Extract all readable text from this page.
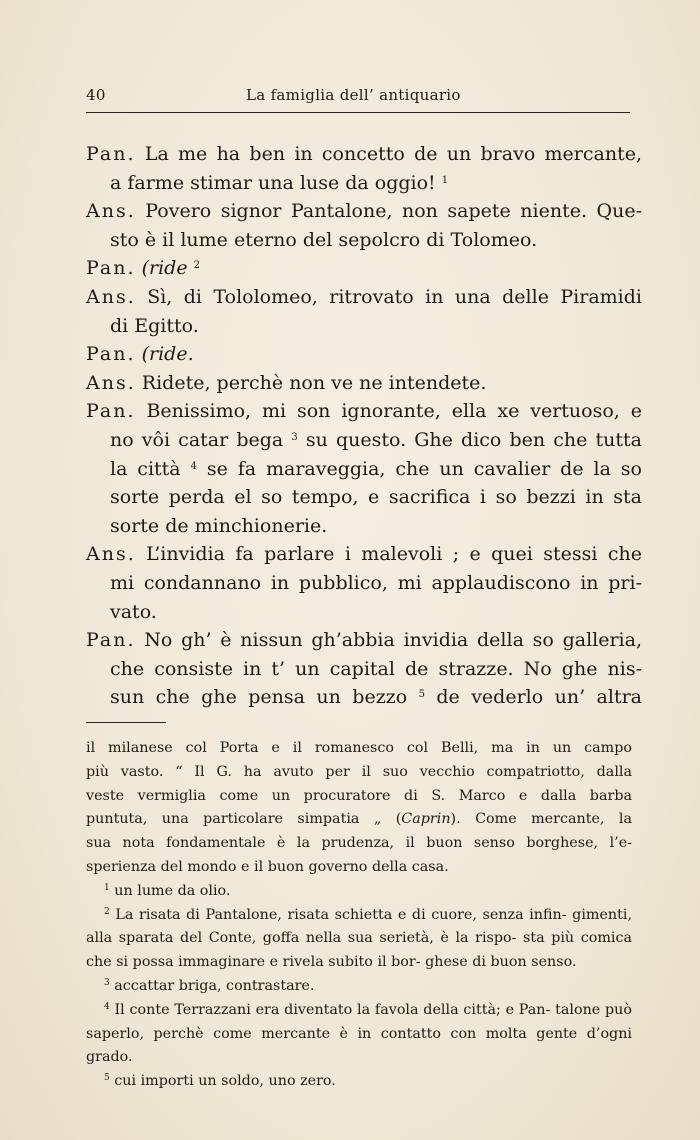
40	La famiglia dell’ antiquario

Pan. La me ha ben in concetto de un bravo mercante,

a farme stimar una luse da oggio! $^1$

Ans. Povero signor Pantalone, non sapete niente. Que-

sto è il lume eterno del sepolcro di Tolomeo.

Pan. (ride $^2$

Ans. Sì, di Tololomeo, ritrovato in una delle Piramidi

di Egitto.

Pan. (ride.

Ans. Ridete, perchè non ve ne intendete.

Pan. Benissimo, mi son ignorante, ella xe vertuoso, e

no vôi catar bega $^3$ su questo. Ghe dico ben che tutta

la città $^4$ se fa maraveggia, che un cavalier de la so

sorte perda el so tempo, e sacrifica i so bezzi in sta

sorte de minchionerie.

Ans. L’invidia fa parlare i malevoli ; e quei stessi che

mi condannano in pubblico, mi applaudiscono in pri-

vato.

Pan. No gh’ è nissun gh’abbia invidia della so galleria,

che consiste in t’ un capital de strazze. No ghe nis-

sun che ghe pensa un bezzo $^5$ de vederlo un’ altra

il milanese col Porta e il romanesco col Belli, ma in un campo

più vasto. “ Il G. ha avuto per il suo vecchio compatriotto, dalla

veste vermiglia come un procuratore di S. Marco e dalla barba

puntuta, una particolare simpatia „ (Caprin). Come mercante, la

sua nota fondamentale è la prudenza, il buon senso borghese, l’e-

sperienza del mondo e il buon governo della casa.

$^1$ un lume da olio.

$^2$ La risata di Pantalone, risata schietta e di cuore, senza infin- gimenti, alla sparata del Conte, goffa nella sua serietà, è la rispo- sta più comica che si possa immaginare e rivela subito il bor- ghese di buon senso.

$^3$ accattar briga, contrastare.

$^4$ Il conte Terrazzani era diventato la favola della città; e Pan- talone può saperlo, perchè come mercante è in contatto con molta gente d’ogni grado.

$^5$ cui importi un soldo, uno zero.
